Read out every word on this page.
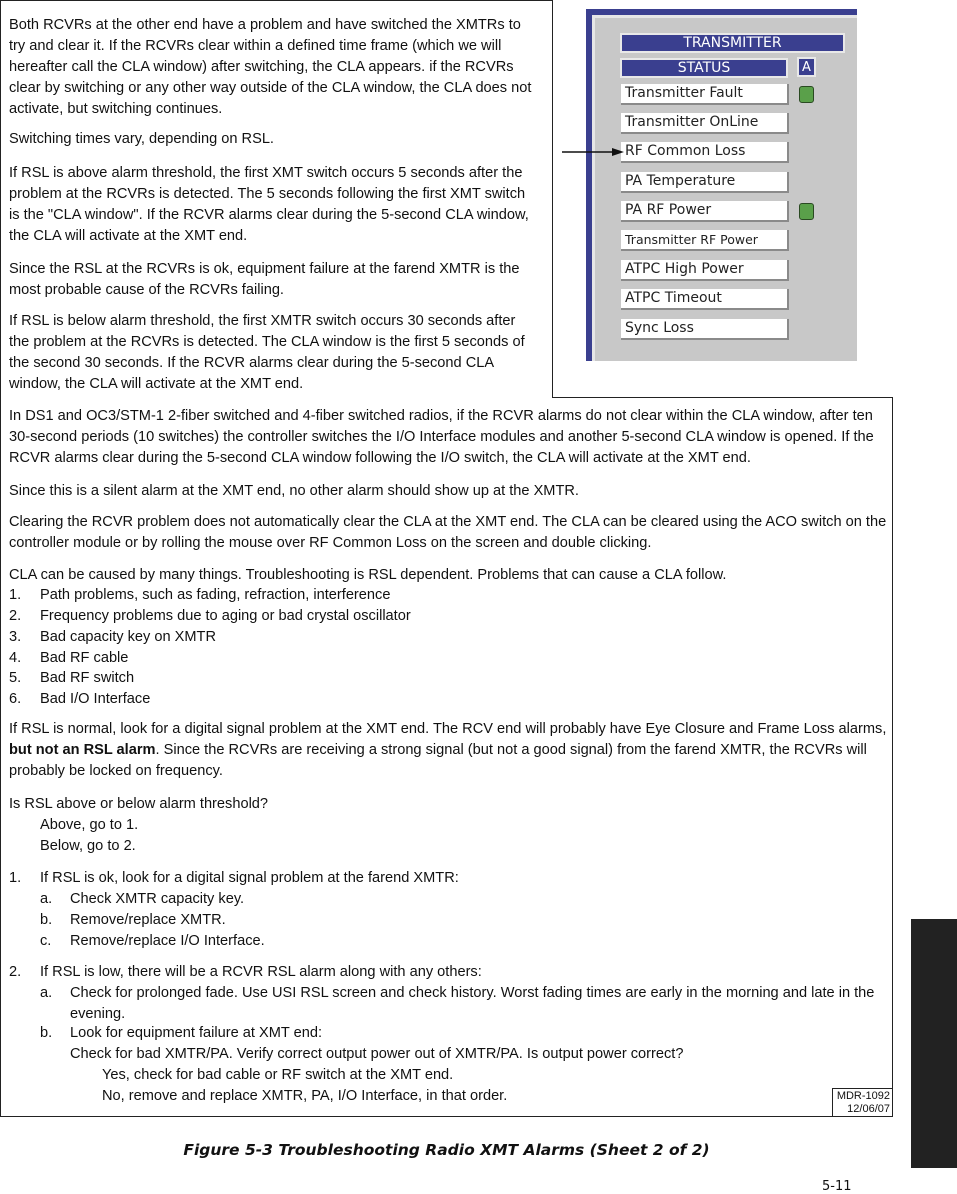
Both RCVRs at the other end have a problem and have switched the XMTRs to try and clear it. If the RCVRs clear within a defined time frame (which we will hereafter call the CLA window) after switching, the CLA appears. if the RCVRs clear by switching or any other way outside of the CLA window, the CLA does not activate, but switching continues.

Switching times vary, depending on RSL.

If RSL is above alarm threshold, the first XMT switch occurs 5 seconds after the problem at the RCVRs is detected. The 5 seconds following the first XMT switch is the "CLA window". If the RCVR alarms clear during the 5-second CLA window, the CLA will activate at the XMT end.

Since the RSL at the RCVRs is ok, equipment failure at the farend XMTR is the most probable cause of the RCVRs failing.

If RSL is below alarm threshold, the first XMTR switch occurs 30 seconds after the problem at the RCVRs is detected. The CLA window is the first 5 seconds of the second 30 seconds. If the RCVR alarms clear during the 5-second CLA window, the CLA will activate at the XMT end.

TRANSMITTER
STATUS	A
Transmitter Fault
Transmitter OnLine
RF Common Loss
PA Temperature
PA RF Power
Transmitter RF Power
ATPC High Power
ATPC Timeout
Sync Loss

In DS1 and OC3/STM-1 2-fiber switched and 4-fiber switched radios, if the RCVR alarms do not clear within the CLA window, after ten 30-second periods (10 switches) the controller switches the I/O Interface modules and another 5-second CLA window is opened. If the RCVR alarms clear during the 5-second CLA window following the I/O switch, the CLA will activate at the XMT end.

Since this is a silent alarm at the XMT end, no other alarm should show up at the XMTR.

Clearing the RCVR problem does not automatically clear the CLA at the XMT end. The CLA can be cleared using the ACO switch on the controller module or by rolling the mouse over RF Common Loss on the screen and double clicking.

CLA can be caused by many things. Troubleshooting is RSL dependent. Problems that can cause a CLA follow.

1. Path problems, such as fading, refraction, interference
2. Frequency problems due to aging or bad crystal oscillator
3. Bad capacity key on XMTR
4. Bad RF cable
5. Bad RF switch
6. Bad I/O Interface

If RSL is normal, look for a digital signal problem at the XMT end. The RCV end will probably have Eye Closure and Frame Loss alarms, but not an RSL alarm. Since the RCVRs are receiving a strong signal (but not a good signal) from the farend XMTR, the RCVRs will probably be locked on frequency.

Is RSL above or below alarm threshold?

Above, go to 1.

Below, go to 2.

1. If RSL is ok, look for a digital signal problem at the farend XMTR:
a. Check XMTR capacity key.
b. Remove/replace XMTR.
c. Remove/replace I/O Interface.
2. If RSL is low, there will be a RCVR RSL alarm along with any others:
a. Check for prolonged fade. Use USI RSL screen and check history. Worst fading times are early in the morning and late in the evening.

b. Look for equipment failure at XMT end:
Check for bad XMTR/PA. Verify correct output power out of XMTR/PA. Is output power correct?
Yes, check for bad cable or RF switch at the XMT end.
No, remove and replace XMTR, PA, I/O Interface, in that order.	MDR-1092
12/06/07
Figure 5-3 Troubleshooting Radio XMT Alarms (Sheet 2 of 2)
5-11
